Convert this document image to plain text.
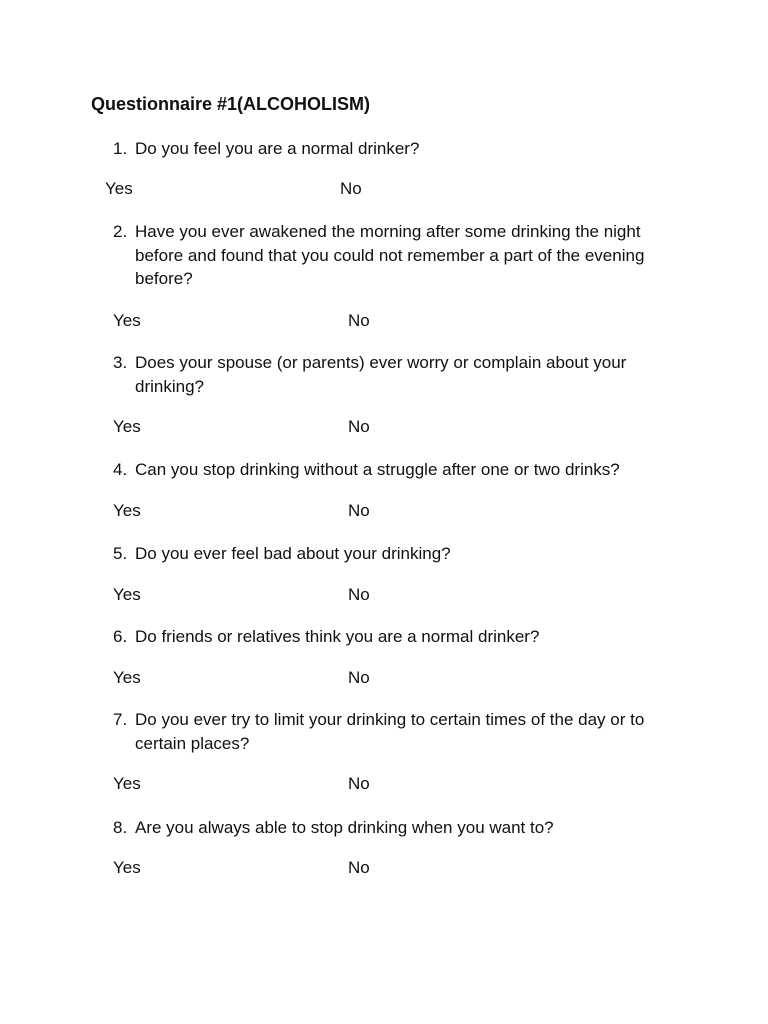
Questionnaire #1(ALCOHOLISM)
1. Do you feel you are a normal drinker?
Yes	No
2. Have you ever awakened the morning after some drinking the night before and found that you could not remember a part of the evening before?
Yes	No
3. Does your spouse (or parents) ever worry or complain about your drinking?
Yes	No
4. Can you stop drinking without a struggle after one or two drinks?
Yes	No
5. Do you ever feel bad about your drinking?
Yes	No
6. Do friends or relatives think you are a normal drinker?
Yes	No
7. Do you ever try to limit your drinking to certain times of the day or to certain places?
Yes	No
8. Are you always able to stop drinking when you want to?
Yes	No
